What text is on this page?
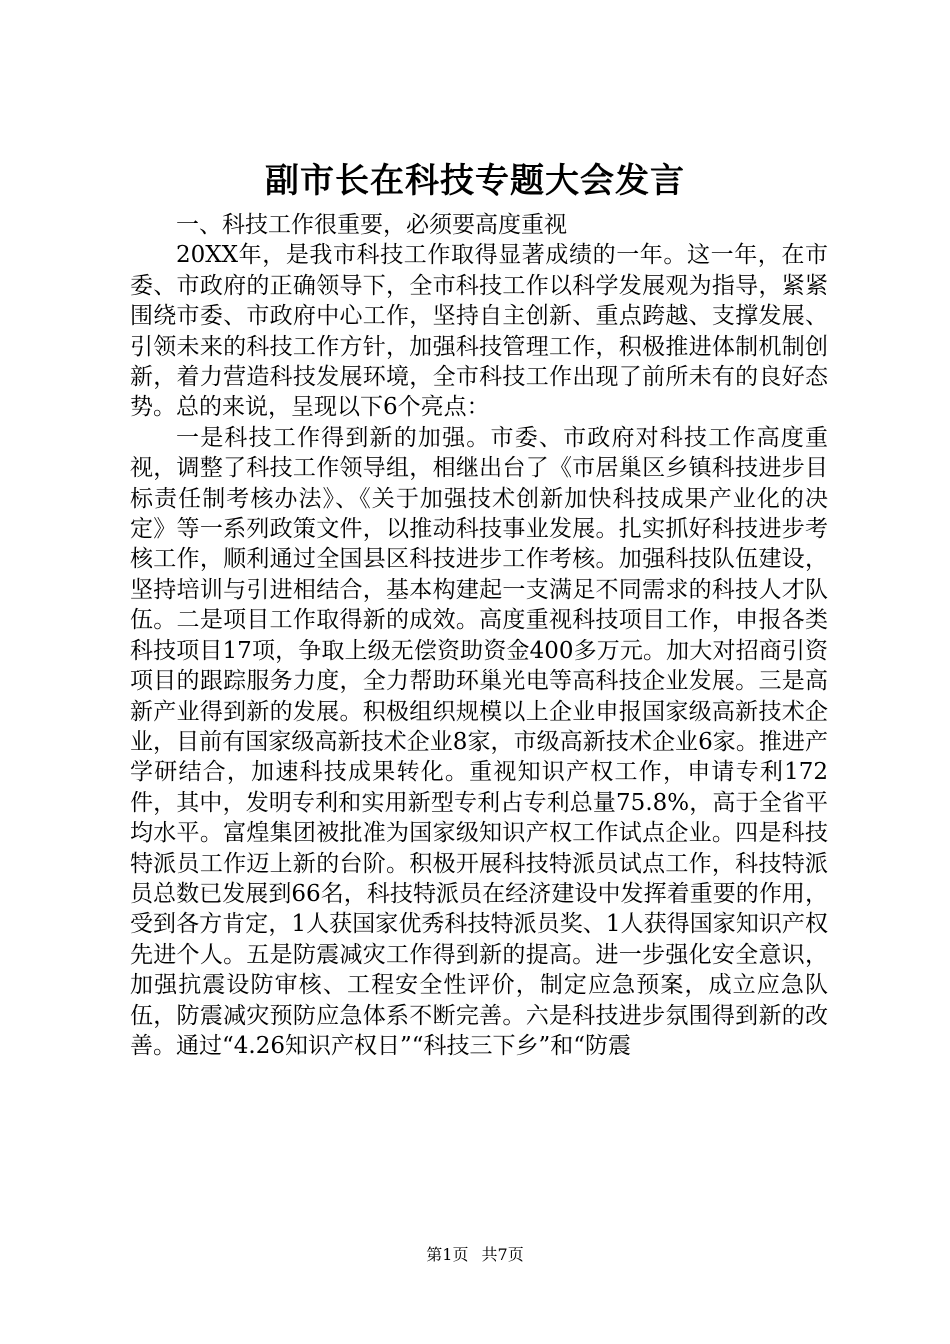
副市长在科技专题大会发言

一、科技工作很重要，必须要高度重视

20XX年，是我市科技工作取得显著成绩的一年。这一年，在市委、市政府的正确领导下，全市科技工作以科学发展观为指导，紧紧围绕市委、市政府中心工作，坚持自主创新、重点跨越、支撑发展、引领未来的科技工作方针，加强科技管理工作，积极推进体制机制创新，着力营造科技发展环境，全市科技工作出现了前所未有的良好态势。总的来说，呈现以下6个亮点：

一是科技工作得到新的加强。市委、市政府对科技工作高度重视，调整了科技工作领导组，相继出台了《市居巢区乡镇科技进步目标责任制考核办法》、《关于加强技术创新加快科技成果产业化的决定》等一系列政策文件，以推动科技事业发展。扎实抓好科技进步考核工作，顺利通过全国县区科技进步工作考核。加强科技队伍建设，坚持培训与引进相结合，基本构建起一支满足不同需求的科技人才队伍。二是项目工作取得新的成效。高度重视科技项目工作，申报各类科技项目17项，争取上级无偿资助资金400多万元。加大对招商引资项目的跟踪服务力度，全力帮助环巢光电等高科技企业发展。三是高新产业得到新的发展。积极组织规模以上企业申报国家级高新技术企业，目前有国家级高新技术企业8家，市级高新技术企业6家。推进产学研结合，加速科技成果转化。重视知识产权工作，申请专利172件，其中，发明专利和实用新型专利占专利总量75.8%，高于全省平均水平。富煌集团被批准为国家级知识产权工作试点企业。四是科技特派员工作迈上新的台阶。积极开展科技特派员试点工作，科技特派员总数已发展到66名，科技特派员在经济建设中发挥着重要的作用，受到各方肯定，1人获国家优秀科技特派员奖、1人获得国家知识产权先进个人。五是防震减灾工作得到新的提高。进一步强化安全意识，加强抗震设防审核、工程安全性评价，制定应急预案，成立应急队伍，防震减灾预防应急体系不断完善。六是科技进步氛围得到新的改善。通过“4.26知识产权日”“科技三下乡”和“防震

第1页 共7页
